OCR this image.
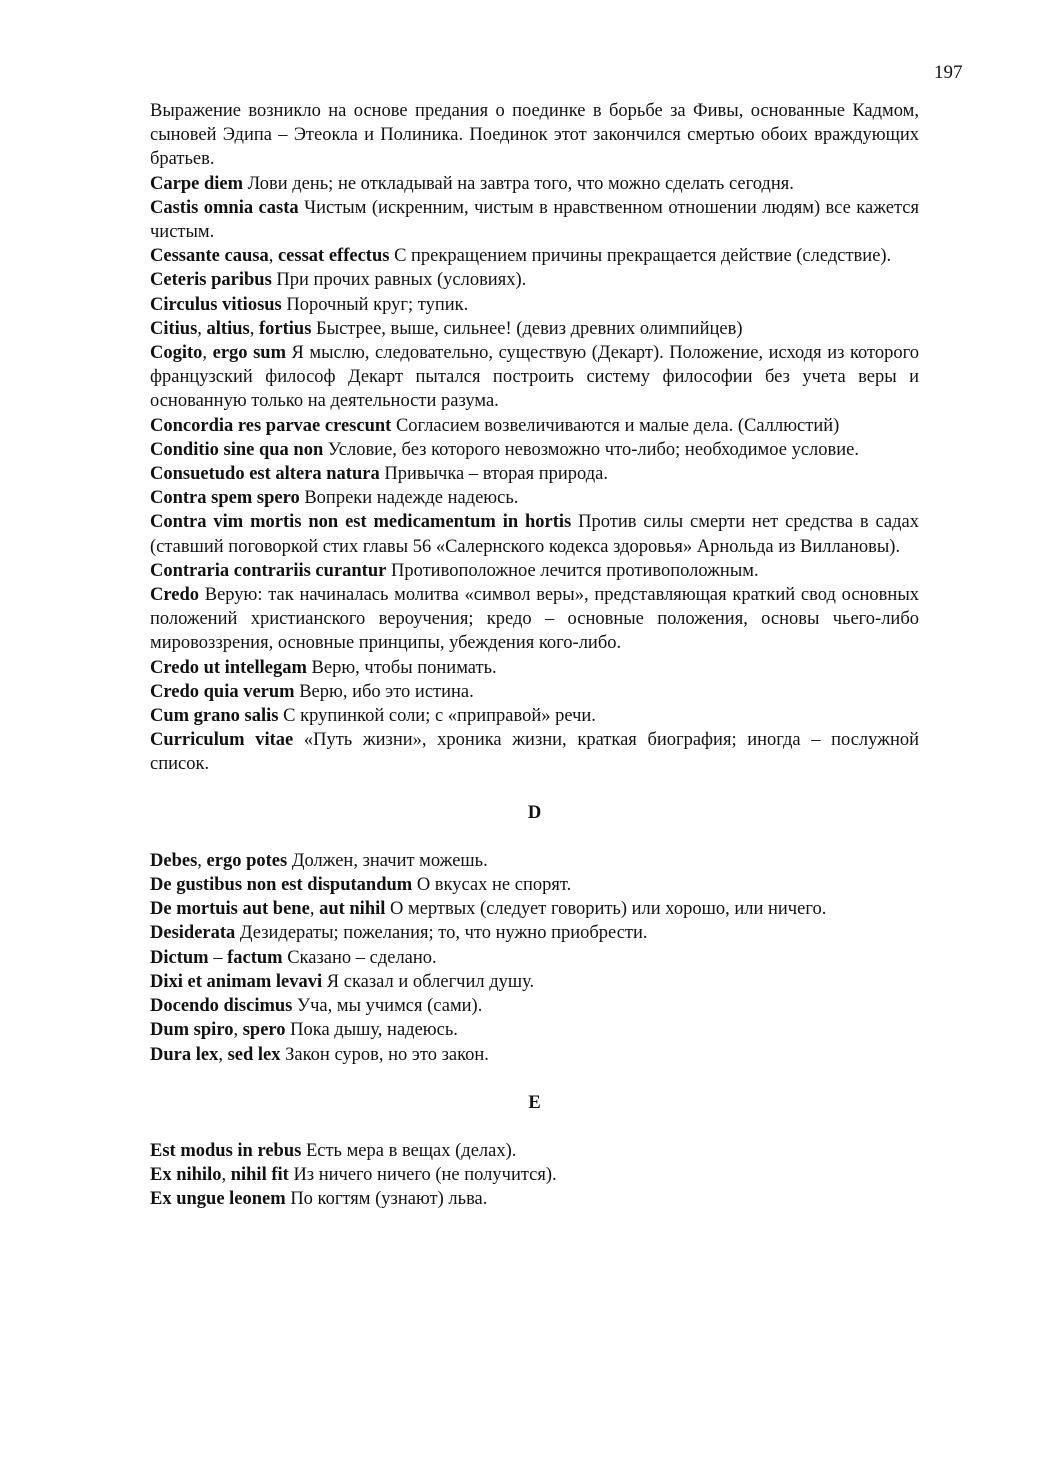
197

Выражение возникло на основе предания о поединке в борьбе за Фивы, основанные Кадмом, сыновей Эдипа – Этеокла и Полиника. Поединок этот закончился смертью обоих враждующих братьев.

Carpe diem Лови день; не откладывай на завтра того, что можно сделать сегодня.

Castis omnia casta Чистым (искренним, чистым в нравственном отношении людям) все кажется чистым.

Cessante causa, cessat effectus С прекращением причины прекращается действие (следствие).

Ceteris paribus При прочих равных (условиях).

Circulus vitiosus Порочный круг; тупик.

Citius, altius, fortius Быстрее, выше, сильнее! (девиз древних олимпийцев)

Cogito, ergo sum Я мыслю, следовательно, существую (Декарт). Положение, исходя из которого французский философ Декарт пытался построить систему философии без учета веры и основанную только на деятельности разума.

Concordia res parvae crescunt Согласием возвеличиваются и малые дела. (Саллюстий)

Conditio sine qua non Условие, без которого невозможно что-либо; необходимое условие.

Consuetudo est altera natura Привычка – вторая природа.

Contra spem spero Вопреки надежде надеюсь.

Contra vim mortis non est medicamentum in hortis Против силы смерти нет средства в садах (ставший поговоркой стих главы 56 «Салернского кодекса здоровья» Арнольда из Виллановы).

Contraria contrariis curantur Противоположное лечится противоположным.

Credo Верую: так начиналась молитва «символ веры», представляющая краткий свод основных положений христианского вероучения; кредо – основные положения, основы чьего-либо мировоззрения, основные принципы, убеждения кого-либо.

Credo ut intellegam Верю, чтобы понимать.

Credo quia verum Верю, ибо это истина.

Cum grano salis С крупинкой соли; с «приправой» речи.

Curriculum vitae «Путь жизни», хроника жизни, краткая биография; иногда – послужной список.

D

Debes, ergo potes Должен, значит можешь.

De gustibus non est disputandum О вкусах не спорят.

De mortuis aut bene, aut nihil О мертвых (следует говорить) или хорошо, или ничего.

Desiderata Дезидераты; пожелания; то, что нужно приобрести.

Dictum – factum Сказано – сделано.

Dixi et animam levavi Я сказал и облегчил душу.

Docendo discimus Уча, мы учимся (сами).

Dum spiro, spero Пока дышу, надеюсь.

Dura lex, sed lex Закон суров, но это закон.

E

Est modus in rebus Есть мера в вещах (делах).

Ex nihilo, nihil fit Из ничего ничего (не получится).

Ex ungue leonem По когтям (узнают) льва.
